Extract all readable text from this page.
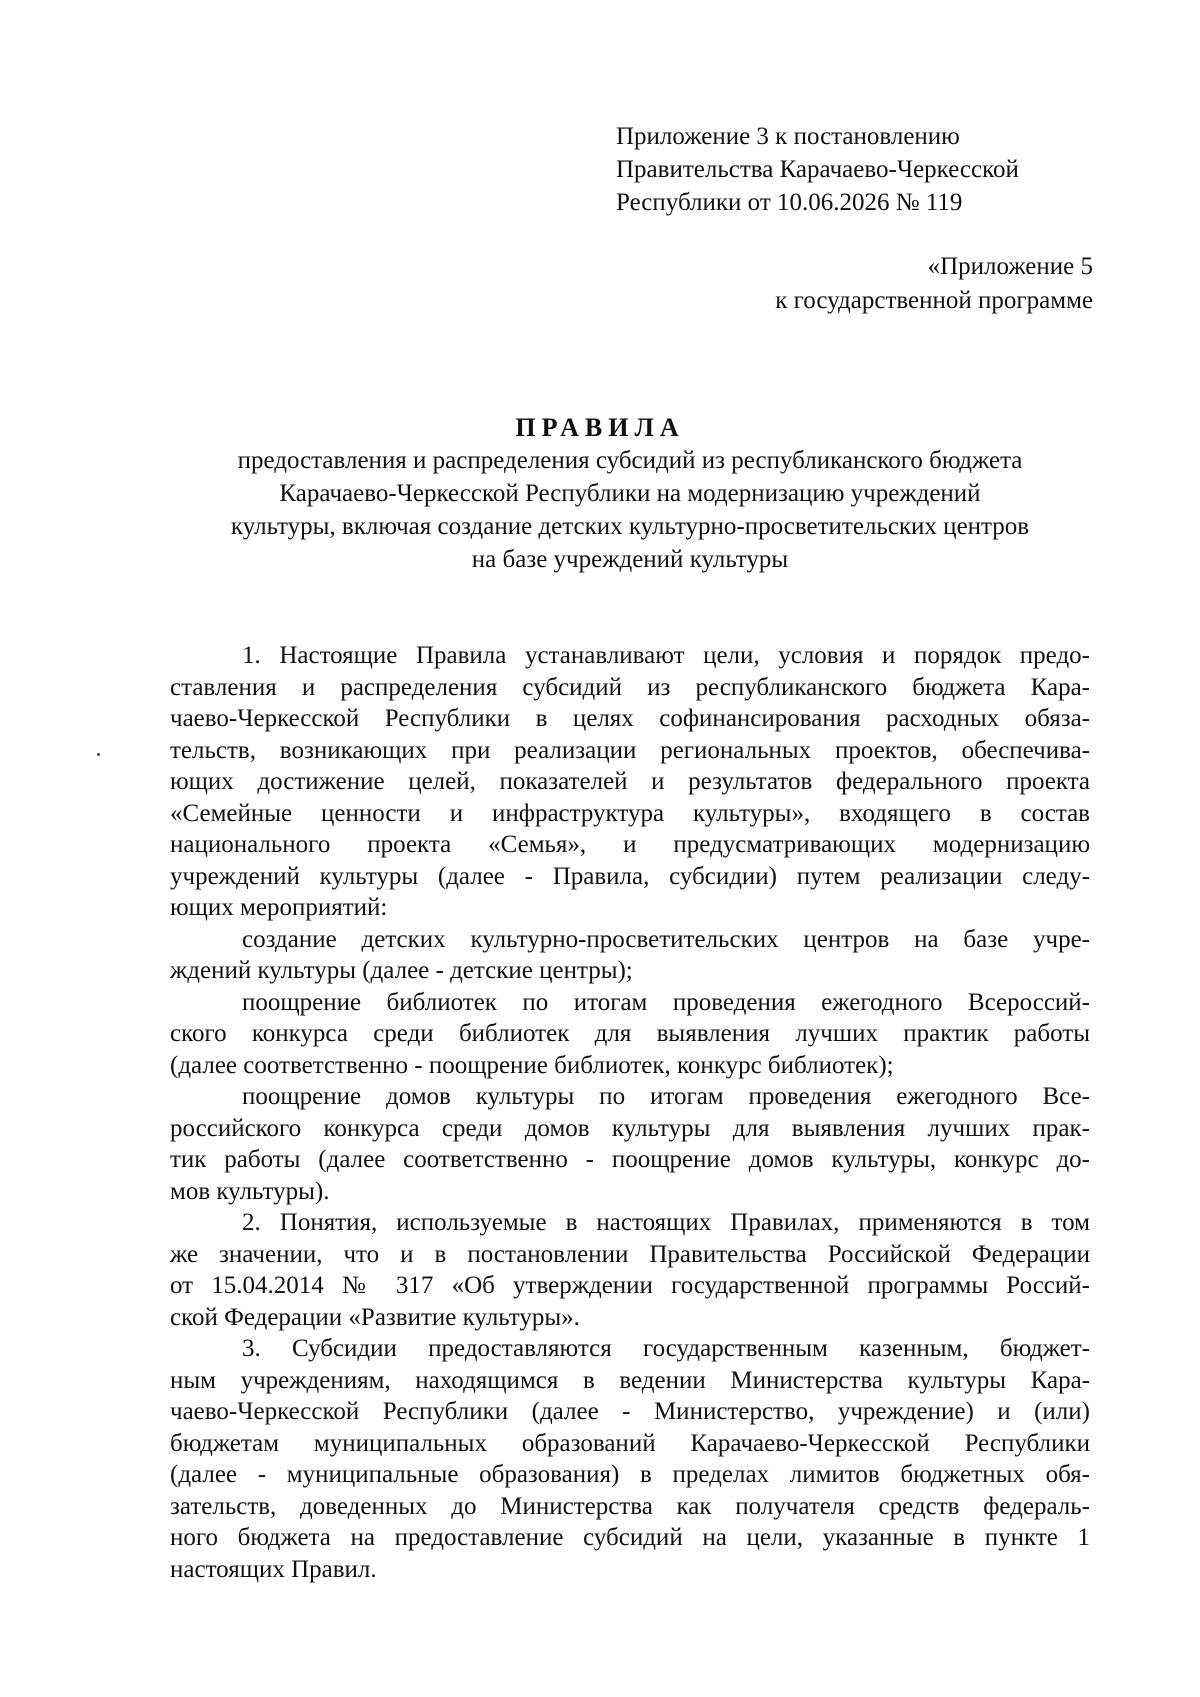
Приложение 3 к постановлению
Правительства Карачаево-Черкесской
Республики от 10.06.2026 № 119
«Приложение 5
к государственной программе
ПРАВИЛА
предоставления и распределения субсидий из республиканского бюджета
Карачаево-Черкесской Республики на модернизацию учреждений
культуры, включая создание детских культурно-просветительских центров
на базе учреждений культуры
1. Настоящие Правила устанавливают цели, условия и порядок предо-
ставления и распределения субсидий из республиканского бюджета Кара-
чаево-Черкесской Республики в целях софинансирования расходных обяза-
тельств, возникающих при реализации региональных проектов, обеспечива-
ющих достижение целей, показателей и результатов федерального проекта
«Семейные ценности и инфраструктура культуры», входящего в состав
национального проекта «Семья», и предусматривающих модернизацию
учреждений культуры (далее - Правила, субсидии) путем реализации следу-
ющих мероприятий:
создание детских культурно-просветительских центров на базе учре-
ждений культуры (далее - детские центры);
поощрение библиотек по итогам проведения ежегодного Всероссий-
ского конкурса среди библиотек для выявления лучших практик работы
(далее соответственно - поощрение библиотек, конкурс библиотек);
поощрение домов культуры по итогам проведения ежегодного Все-
российского конкурса среди домов культуры для выявления лучших прак-
тик работы (далее соответственно - поощрение домов культуры, конкурс до-
мов культуры).
2. Понятия, используемые в настоящих Правилах, применяются в том
же значении, что и в постановлении Правительства Российской Федерации
от 15.04.2014 № 317 «Об утверждении государственной программы Россий-
ской Федерации «Развитие культуры».
3. Субсидии предоставляются государственным казенным, бюджет-
ным учреждениям, находящимся в ведении Министерства культуры Кара-
чаево-Черкесской Республики (далее - Министерство, учреждение) и (или)
бюджетам муниципальных образований Карачаево-Черкесской Республики
(далее - муниципальные образования) в пределах лимитов бюджетных обя-
зательств, доведенных до Министерства как получателя средств федераль-
ного бюджета на предоставление субсидий на цели, указанные в пункте 1
настоящих Правил.
